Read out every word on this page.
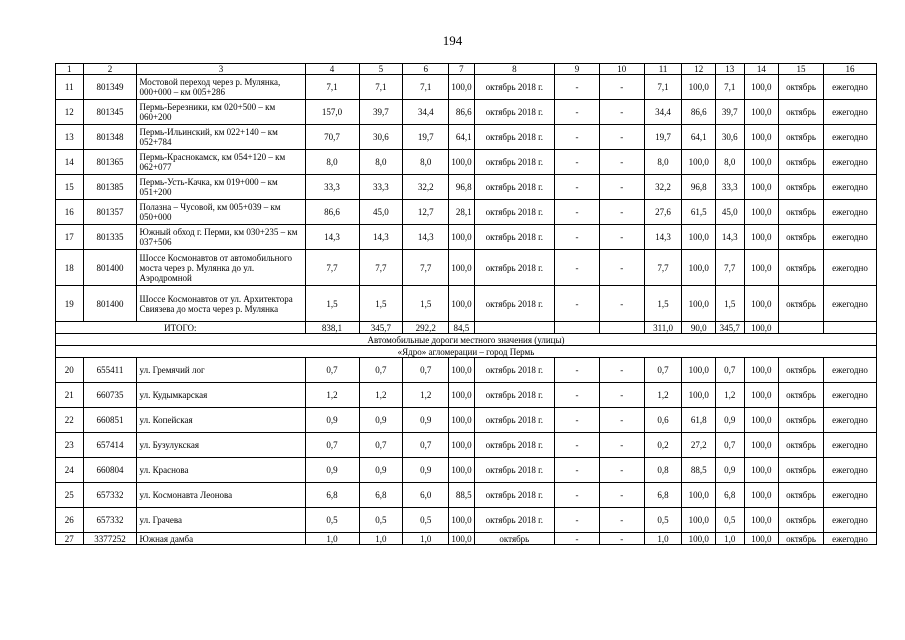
194
1	2	3	4	5	6	7	8	9	10	11	12	13	14	15	16
11	801349	Мостовой переход через р. Мулянка, 000+000 – км 005+286	7,1	7,1	7,1	100,0	октябрь 2018 г.	-	-	7,1	100,0	7,1	100,0	октябрь	ежегодно
12	801345	Пермь-Березники, км 020+500 – км 060+200	157,0	39,7	34,4	86,6	октябрь 2018 г.	-	-	34,4	86,6	39,7	100,0	октябрь	ежегодно
13	801348	Пермь-Ильинский, км 022+140 – км 052+784	70,7	30,6	19,7	64,1	октябрь 2018 г.	-	-	19,7	64,1	30,6	100,0	октябрь	ежегодно
14	801365	Пермь-Краснокамск, км 054+120 – км 062+077	8,0	8,0	8,0	100,0	октябрь 2018 г.	-	-	8,0	100,0	8,0	100,0	октябрь	ежегодно
15	801385	Пермь-Усть-Качка, км 019+000 – км 051+200	33,3	33,3	32,2	96,8	октябрь 2018 г.	-	-	32,2	96,8	33,3	100,0	октябрь	ежегодно
16	801357	Полазна – Чусовой, км 005+039 – км 050+000	86,6	45,0	12,7	28,1	октябрь 2018 г.	-	-	27,6	61,5	45,0	100,0	октябрь	ежегодно
17	801335	Южный обход г. Перми, км 030+235 – км 037+506	14,3	14,3	14,3	100,0	октябрь 2018 г.	-	-	14,3	100,0	14,3	100,0	октябрь	ежегодно
18	801400	Шоссе Космонавтов от автомобильного моста через р. Мулянка до ул. Аэродромной	7,7	7,7	7,7	100,0	октябрь 2018 г.	-	-	7,7	100,0	7,7	100,0	октябрь	ежегодно
19	801400	Шоссе Космонавтов от ул. Архитектора Свиязева до моста через р. Мулянка	1,5	1,5	1,5	100,0	октябрь 2018 г.	-	-	1,5	100,0	1,5	100,0	октябрь	ежегодно
ИТОГО:			838,1	345,7	292,2	84,5				311,0	90,0	345,7	100,0		
Автомобильные дороги местного значения (улицы)															
«Ядро» агломерации – город Пермь															
20	655411	ул. Гремячий лог	0,7	0,7	0,7	100,0	октябрь 2018 г.	-	-	0,7	100,0	0,7	100,0	октябрь	ежегодно
21	660735	ул. Кудымкарская	1,2	1,2	1,2	100,0	октябрь 2018 г.	-	-	1,2	100,0	1,2	100,0	октябрь	ежегодно
22	660851	ул. Копейская	0,9	0,9	0,9	100,0	октябрь 2018 г.	-	-	0,6	61,8	0,9	100,0	октябрь	ежегодно
23	657414	ул. Бузулукская	0,7	0,7	0,7	100,0	октябрь 2018 г.	-	-	0,2	27,2	0,7	100,0	октябрь	ежегодно
24	660804	ул. Краснова	0,9	0,9	0,9	100,0	октябрь 2018 г.	-	-	0,8	88,5	0,9	100,0	октябрь	ежегодно
25	657332	ул. Космонавта Леонова	6,8	6,8	6,0	88,5	октябрь 2018 г.	-	-	6,8	100,0	6,8	100,0	октябрь	ежегодно
26	657332	ул. Грачева	0,5	0,5	0,5	100,0	октябрь 2018 г.	-	-	0,5	100,0	0,5	100,0	октябрь	ежегодно
27	3377252	Южная дамба	1,0	1,0	1,0	100,0	октябрь	-	-	1,0	100,0	1,0	100,0	октябрь	ежегодно
